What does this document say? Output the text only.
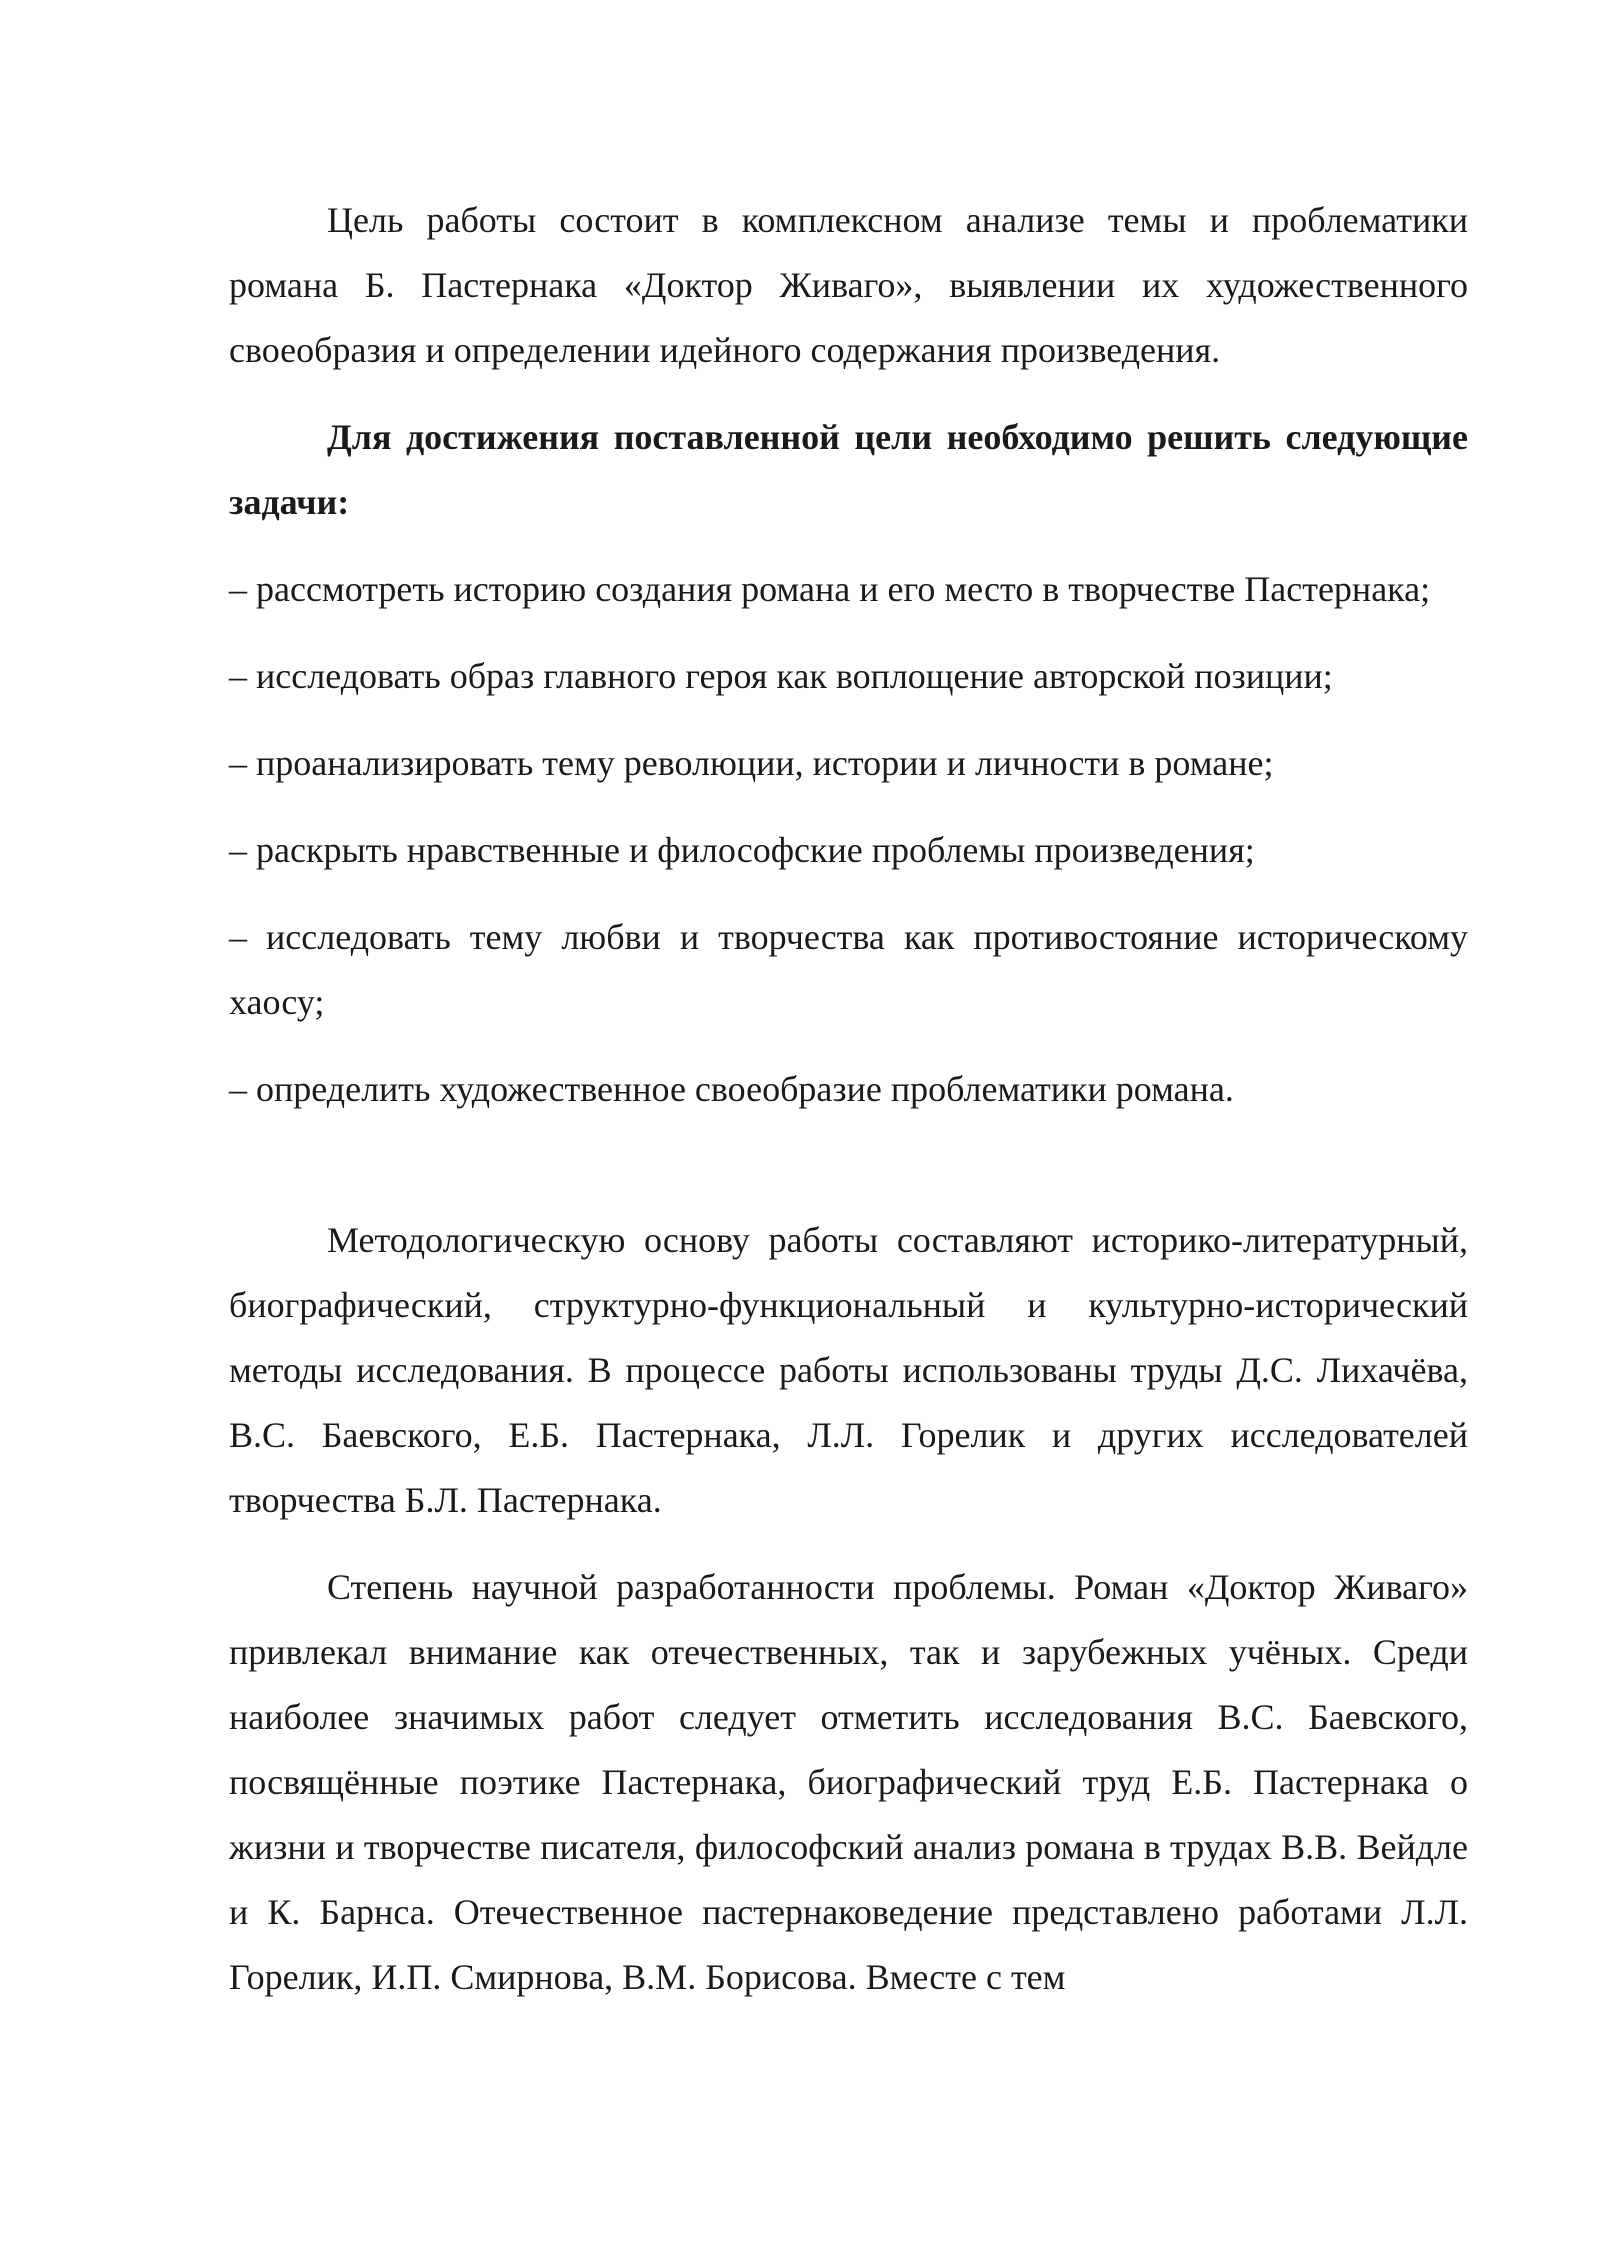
Цель работы состоит в комплексном анализе темы и проблематики романа Б. Пастернака «Доктор Живаго», выявлении их художественного своеобразия и определении идейного содержания произведения.

Для достижения поставленной цели необходимо решить следующие задачи:

– рассмотреть историю создания романа и его место в творчестве Пастернака;

– исследовать образ главного героя как воплощение авторской позиции;

– проанализировать тему революции, истории и личности в романе;

– раскрыть нравственные и философские проблемы произведения;

– исследовать тему любви и творчества как противостояние историческому хаосу;

– определить художественное своеобразие проблематики романа.

Методологическую основу работы составляют историко-литературный, биографический, структурно-функциональный и культурно-исторический методы исследования. В процессе работы использованы труды Д.С. Лихачёва, В.С. Баевского, Е.Б. Пастернака, Л.Л. Горелик и других исследователей творчества Б.Л. Пастернака.

Степень научной разработанности проблемы. Роман «Доктор Живаго» привлекал внимание как отечественных, так и зарубежных учёных. Среди наиболее значимых работ следует отметить исследования В.С. Баевского, посвящённые поэтике Пастернака, биографический труд Е.Б. Пастернака о жизни и творчестве писателя, философский анализ романа в трудах В.В. Вейдле и К. Барнса. Отечественное пастернаковедение представлено работами Л.Л. Горелик, И.П. Смирнова, В.М. Борисова. Вместе с тем
